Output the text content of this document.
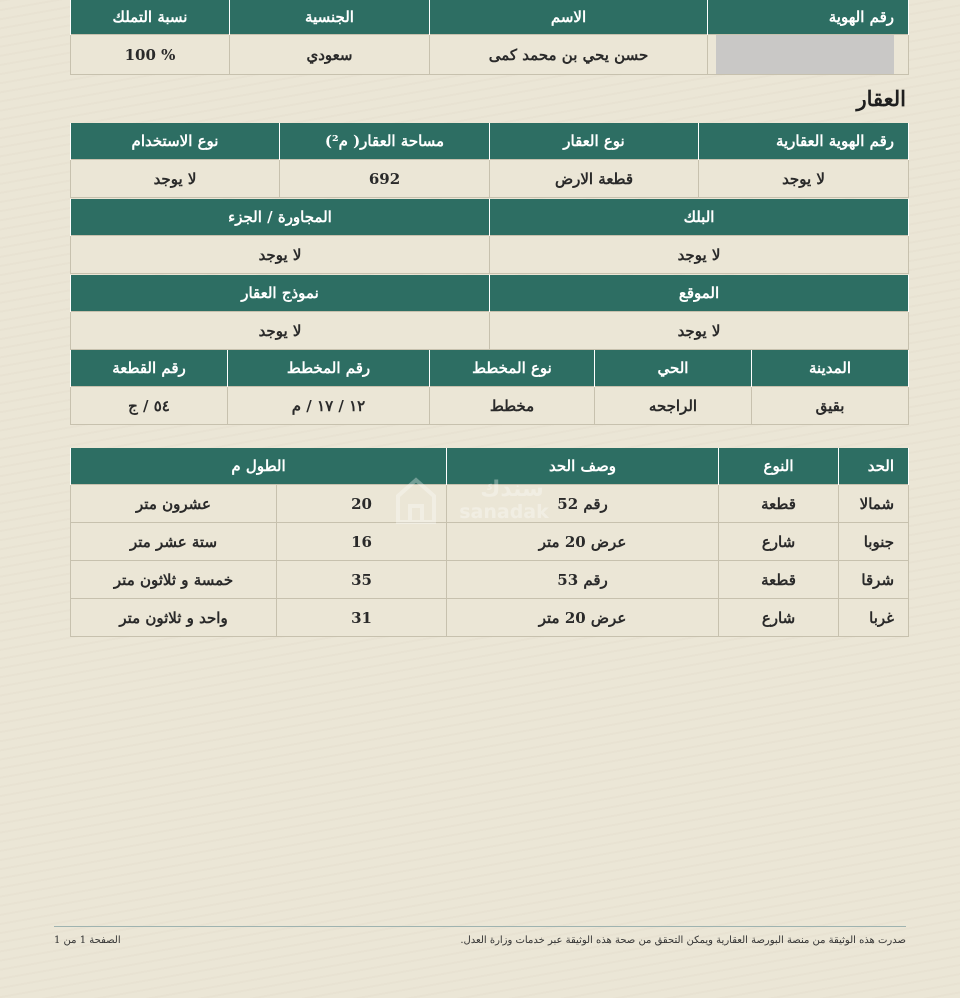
رقم الهوية	الاسم	الجنسية	نسبة التملك
	حسن يحي بن محمد كمى	سعودي	100 %
العقار
رقم الهوية العقارية	نوع العقار	مساحة العقار( م²)	نوع الاستخدام
لا يوجد	قطعة الارض	692	لا يوجد
البلك	المجاورة / الجزء
لا يوجد	لا يوجد
الموقع	نموذج العقار
لا يوجد	لا يوجد
المدينة	الحي	نوع المخطط	رقم المخطط	رقم القطعة
بقيق	الراجحه	مخطط	١٢ / ١٧ / م	٥٤ / ج
الحد	النوع	وصف الحد	الطول م	
شمالا	قطعة	رقم 52	20	عشرون متر
جنوبا	شارع	عرض 20 متر	16	ستة عشر متر
شرقا	قطعة	رقم 53	35	خمسة و ثلاثون متر
غربا	شارع	عرض 20 متر	31	واحد و ثلاثون متر
سندك
sanadak
صدرت هذه الوثيقة من منصة البورصة العقارية ويمكن التحقق من صحة هذه الوثيقة عبر خدمات وزارة العدل.
الصفحة 1 من 1
